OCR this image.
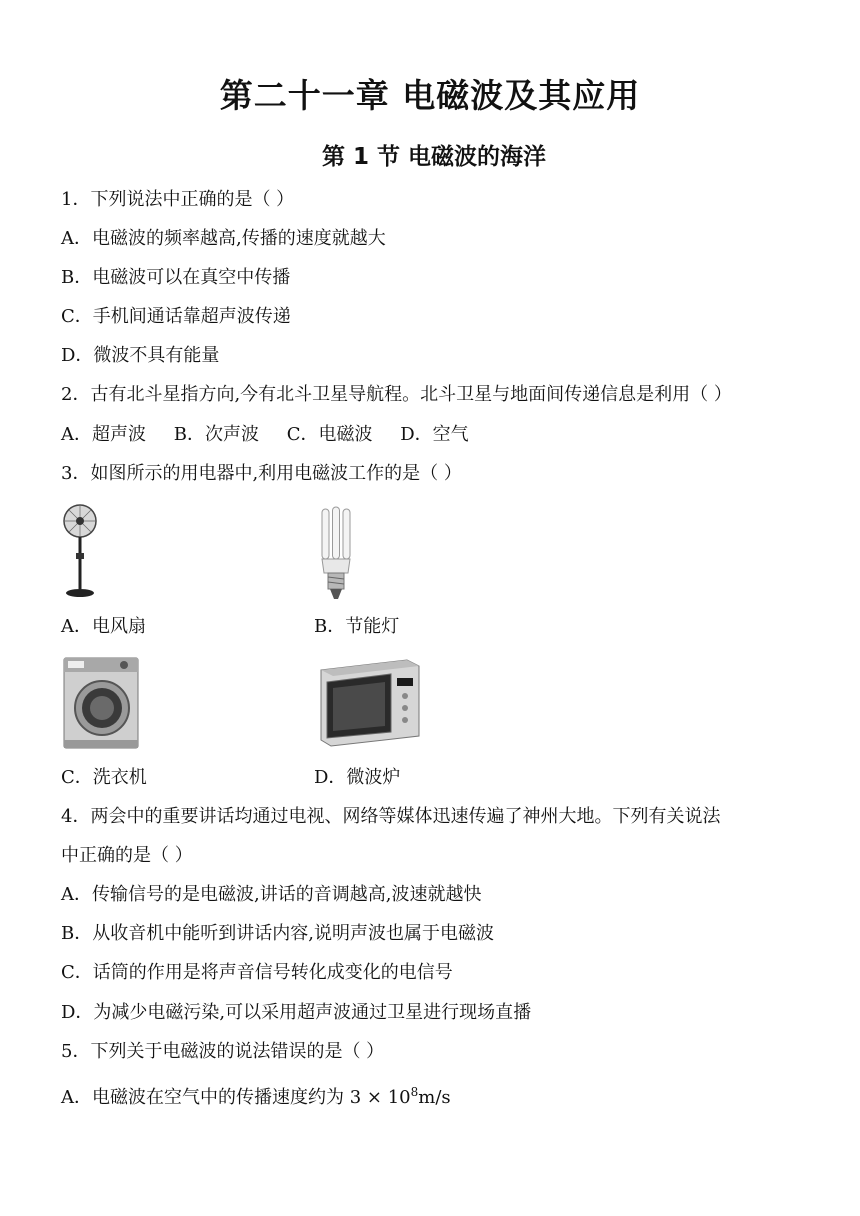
第二十一章 电磁波及其应用
第 1 节 电磁波的海洋
1．下列说法中正确的是（ ）
A．电磁波的频率越高,传播的速度就越大
B．电磁波可以在真空中传播
C．手机间通话靠超声波传递
D．微波不具有能量
2．古有北斗星指方向,今有北斗卫星导航程。北斗卫星与地面间传递信息是利用（ ）
A．超声波 B．次声波 C．电磁波 D．空气
3．如图所示的用电器中,利用电磁波工作的是（ ）
A．电风扇	B．节能灯
C．洗衣机	D．微波炉
4．两会中的重要讲话均通过电视、网络等媒体迅速传遍了神州大地。下列有关说法
中正确的是（ ）
A．传输信号的是电磁波,讲话的音调越高,波速就越快
B．从收音机中能听到讲话内容,说明声波也属于电磁波
C．话筒的作用是将声音信号转化成变化的电信号
D．为减少电磁污染,可以采用超声波通过卫星进行现场直播
5．下列关于电磁波的说法错误的是（ ）
A．电磁波在空气中的传播速度约为 $3 \times 10^8m/s$
